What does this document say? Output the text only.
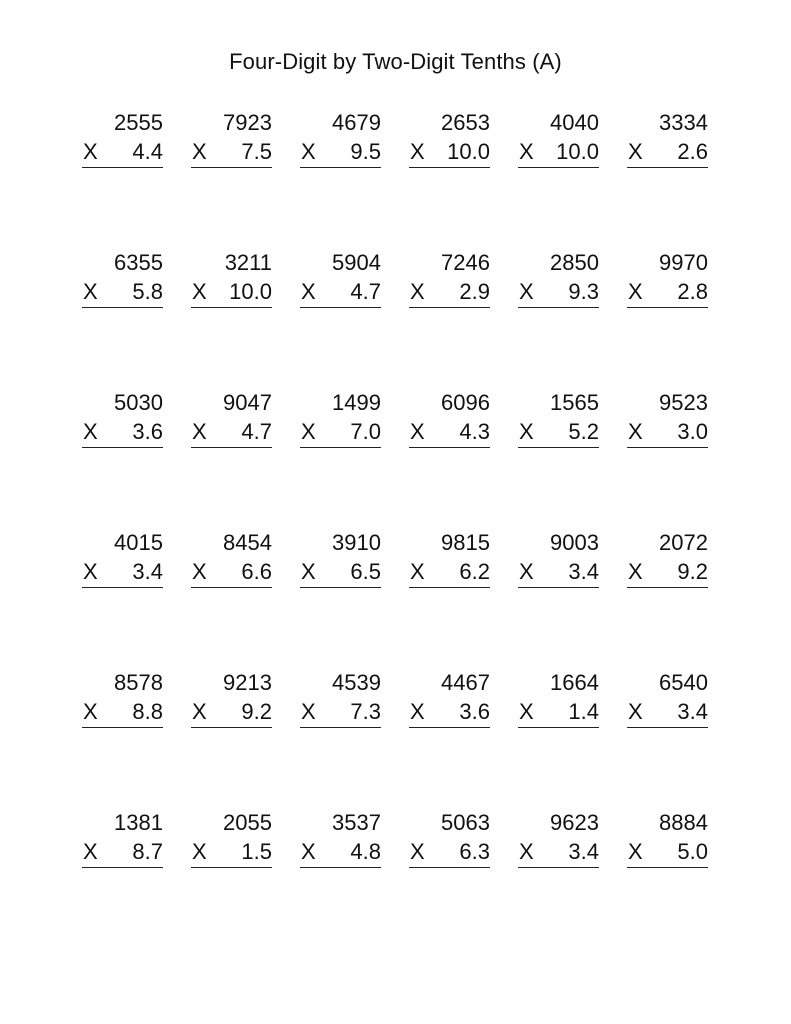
Four-Digit by Two-Digit Tenths (A)
2555
X 4.4
7923
X 7.5
4679
X 9.5
2653
X 10.0
4040
X 10.0
3334
X 2.6
6355
X 5.8
3211
X 10.0
5904
X 4.7
7246
X 2.9
2850
X 9.3
9970
X 2.8
5030
X 3.6
9047
X 4.7
1499
X 7.0
6096
X 4.3
1565
X 5.2
9523
X 3.0
4015
X 3.4
8454
X 6.6
3910
X 6.5
9815
X 6.2
9003
X 3.4
2072
X 9.2
8578
X 8.8
9213
X 9.2
4539
X 7.3
4467
X 3.6
1664
X 1.4
6540
X 3.4
1381
X 8.7
2055
X 1.5
3537
X 4.8
5063
X 6.3
9623
X 3.4
8884
X 5.0
